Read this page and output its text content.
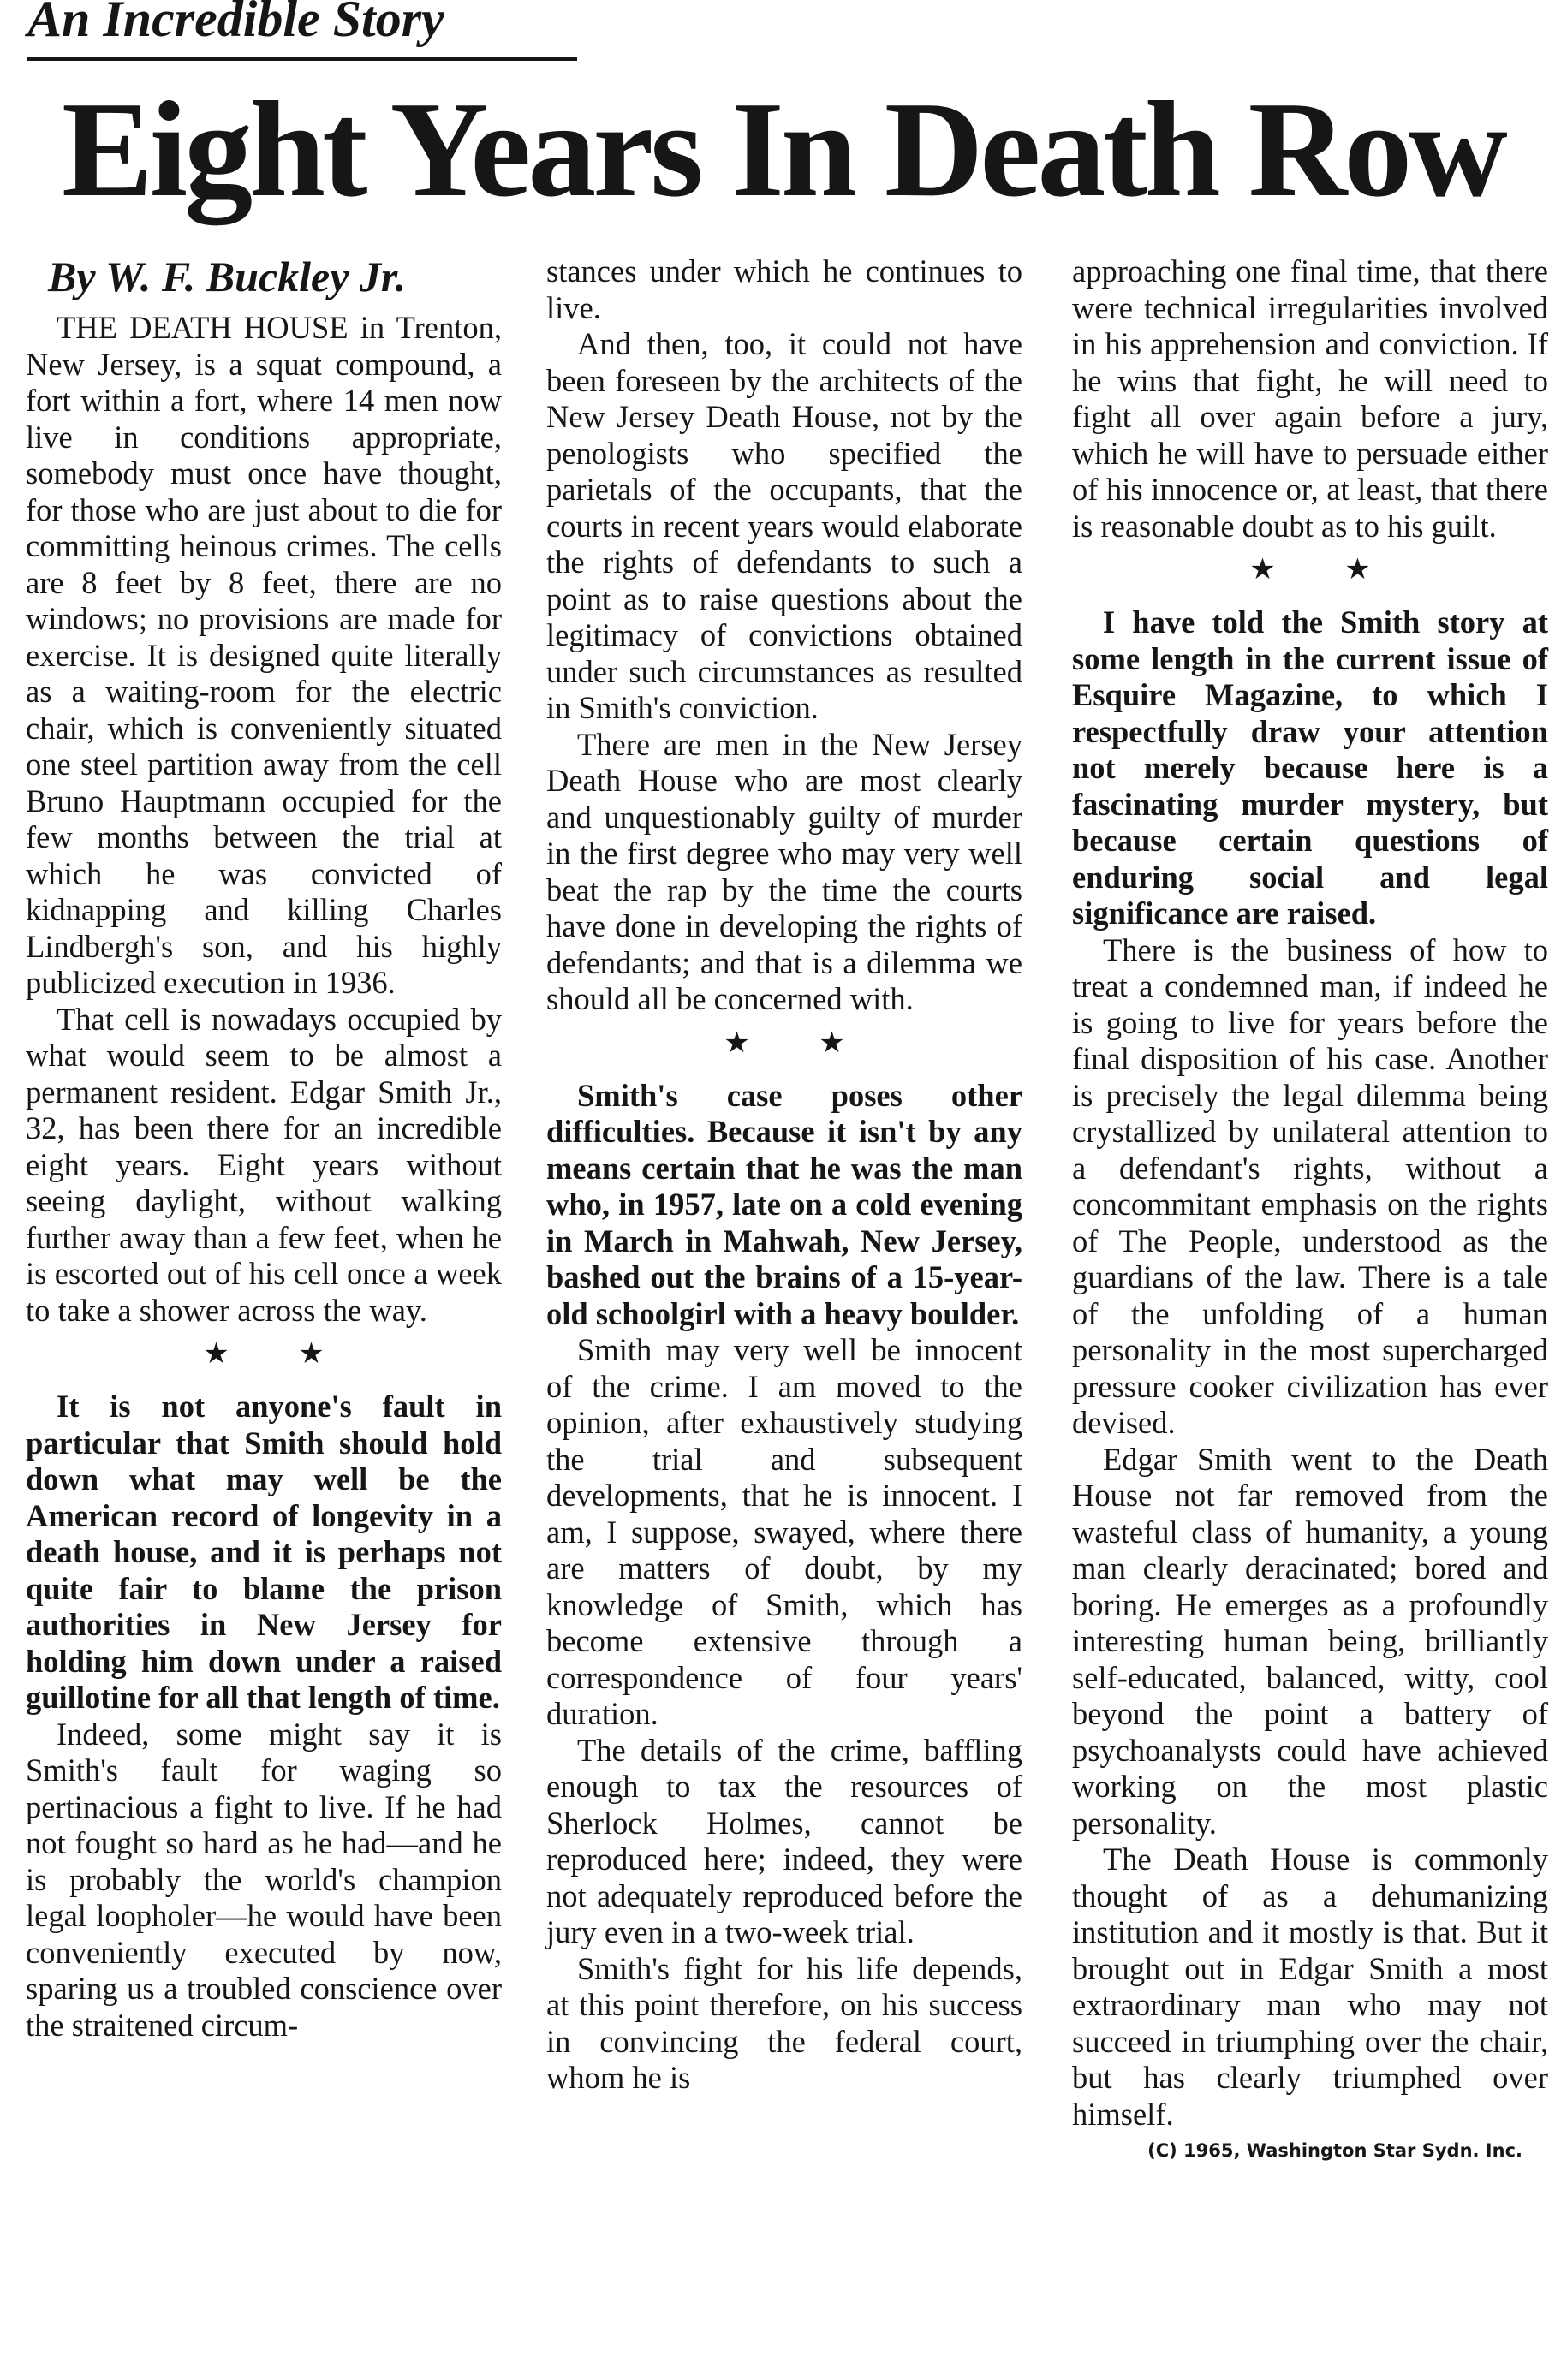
An Incredible Story
Eight Years In Death Row
By W. F. Buckley Jr.

THE DEATH HOUSE in Trenton, New Jersey, is a squat compound, a fort within a fort, where 14 men now live in conditions appropriate, somebody must once have thought, for those who are just about to die for committing heinous crimes. The cells are 8 feet by 8 feet, there are no windows; no provisions are made for exercise. It is designed quite literally as a waiting-room for the electric chair, which is conveniently situated one steel partition away from the cell Bruno Hauptmann occupied for the few months between the trial at which he was convicted of kidnapping and killing Charles Lindbergh's son, and his highly publicized execution in 1936.

That cell is nowadays occupied by what would seem to be almost a permanent resident. Edgar Smith Jr., 32, has been there for an incredible eight years. Eight years without seeing daylight, without walking further away than a few feet, when he is escorted out of his cell once a week to take a shower across the way.

★ ★

It is not anyone's fault in particular that Smith should hold down what may well be the American record of longevity in a death house, and it is perhaps not quite fair to blame the prison authorities in New Jersey for holding him down under a raised guillotine for all that length of time.

Indeed, some might say it is Smith's fault for waging so pertinacious a fight to live. If he had not fought so hard as he had—and he is probably the world's champion legal loopholer—he would have been conveniently executed by now, sparing us a troubled conscience over the straitened circum-

stances under which he continues to live.

And then, too, it could not have been foreseen by the architects of the New Jersey Death House, not by the penologists who specified the parietals of the occupants, that the courts in recent years would elaborate the rights of defendants to such a point as to raise questions about the legitimacy of convictions obtained under such circumstances as resulted in Smith's conviction.

There are men in the New Jersey Death House who are most clearly and unquestionably guilty of murder in the first degree who may very well beat the rap by the time the courts have done in developing the rights of defendants; and that is a dilemma we should all be concerned with.

★ ★

Smith's case poses other difficulties. Because it isn't by any means certain that he was the man who, in 1957, late on a cold evening in March in Mahwah, New Jersey, bashed out the brains of a 15-year-old schoolgirl with a heavy boulder.

Smith may very well be innocent of the crime. I am moved to the opinion, after exhaustively studying the trial and subsequent developments, that he is innocent. I am, I suppose, swayed, where there are matters of doubt, by my knowledge of Smith, which has become extensive through a correspondence of four years' duration.

The details of the crime, baffling enough to tax the resources of Sherlock Holmes, cannot be reproduced here; indeed, they were not adequately reproduced before the jury even in a two-week trial.

Smith's fight for his life depends, at this point therefore, on his success in convincing the federal court, whom he is

approaching one final time, that there were technical irregularities involved in his apprehension and conviction. If he wins that fight, he will need to fight all over again before a jury, which he will have to persuade either of his innocence or, at least, that there is reasonable doubt as to his guilt.

★ ★

I have told the Smith story at some length in the current issue of Esquire Magazine, to which I respectfully draw your attention not merely because here is a fascinating murder mystery, but because certain questions of enduring social and legal significance are raised.

There is the business of how to treat a condemned man, if indeed he is going to live for years before the final disposition of his case. Another is precisely the legal dilemma being crystallized by unilateral attention to a defendant's rights, without a concommitant emphasis on the rights of The People, understood as the guardians of the law. There is a tale of the unfolding of a human personality in the most supercharged pressure cooker civilization has ever devised.

Edgar Smith went to the Death House not far removed from the wasteful class of humanity, a young man clearly deracinated; bored and boring. He emerges as a profoundly interesting human being, brilliantly self-educated, balanced, witty, cool beyond the point a battery of psychoanalysts could have achieved working on the most plastic personality.

The Death House is commonly thought of as a dehumanizing institution and it mostly is that. But it brought out in Edgar Smith a most extraordinary man who may not succeed in triumphing over the chair, but has clearly triumphed over himself.

(C) 1965, Washington Star Sydn. Inc.
